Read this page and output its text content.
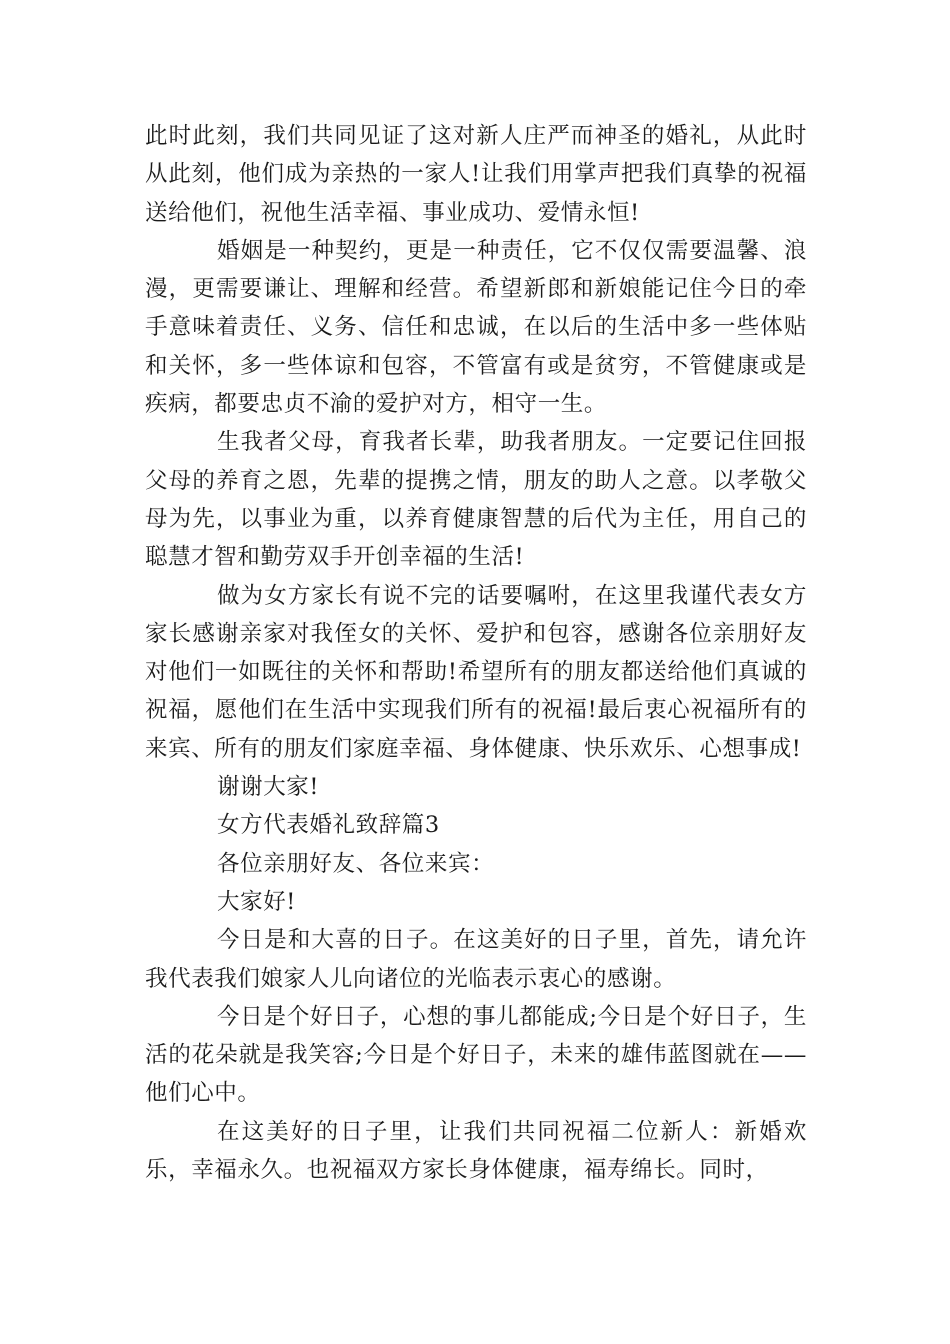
此时此刻，我们共同见证了这对新人庄严而神圣的婚礼，从此时从此刻，他们成为亲热的一家人!让我们用掌声把我们真挚的祝福送给他们，祝他生活幸福、事业成功、爱情永恒!

婚姻是一种契约，更是一种责任，它不仅仅需要温馨、浪漫，更需要谦让、理解和经营。希望新郎和新娘能记住今日的牵手意味着责任、义务、信任和忠诚，在以后的生活中多一些体贴和关怀，多一些体谅和包容，不管富有或是贫穷，不管健康或是疾病，都要忠贞不渝的爱护对方，相守一生。

生我者父母，育我者长辈，助我者朋友。一定要记住回报父母的养育之恩，先辈的提携之情，朋友的助人之意。以孝敬父母为先，以事业为重，以养育健康智慧的后代为主任，用自己的聪慧才智和勤劳双手开创幸福的生活!

做为女方家长有说不完的话要嘱咐，在这里我谨代表女方家长感谢亲家对我侄女的关怀、爱护和包容，感谢各位亲朋好友对他们一如既往的关怀和帮助!希望所有的朋友都送给他们真诚的祝福，愿他们在生活中实现我们所有的祝福!最后衷心祝福所有的来宾、所有的朋友们家庭幸福、身体健康、快乐欢乐、心想事成!

谢谢大家!

女方代表婚礼致辞篇3

各位亲朋好友、各位来宾：

大家好!

今日是和大喜的日子。在这美好的日子里，首先，请允许我代表我们娘家人儿向诸位的光临表示衷心的感谢。

今日是个好日子，心想的事儿都能成;今日是个好日子，生活的花朵就是我笑容;今日是个好日子，未来的雄伟蓝图就在——他们心中。

在这美好的日子里，让我们共同祝福二位新人：新婚欢乐，幸福永久。也祝福双方家长身体健康，福寿绵长。同时，
